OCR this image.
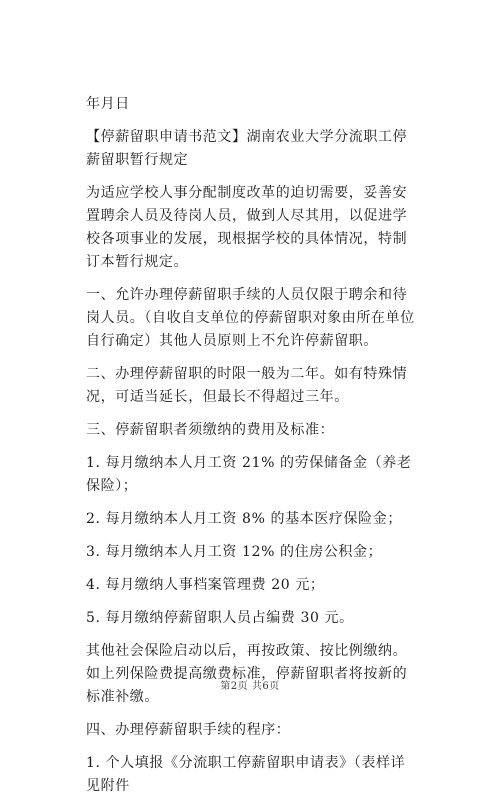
年月日

【停薪留职申请书范文】湖南农业大学分流职工停薪留职暂行规定

为适应学校人事分配制度改革的迫切需要，妥善安置聘余人员及待岗人员，做到人尽其用，以促进学校各项事业的发展，现根据学校的具体情况，特制订本暂行规定。

一、允许办理停薪留职手续的人员仅限于聘余和待岗人员。（自收自支单位的停薪留职对象由所在单位自行确定）其他人员原则上不允许停薪留职。

二、办理停薪留职的时限一般为二年。如有特殊情况，可适当延长，但最长不得超过三年。

三、停薪留职者须缴纳的费用及标准：

1. 每月缴纳本人月工资 21% 的劳保储备金（养老保险）；

2. 每月缴纳本人月工资 8% 的基本医疗保险金；

3. 每月缴纳本人月工资 12% 的住房公积金；

4. 每月缴纳人事档案管理费 20 元；

5. 每月缴纳停薪留职人员占编费 30 元。

其他社会保险启动以后，再按政策、按比例缴纳。如上列保险费提高缴费标准，停薪留职者将按新的标准补缴。

四、办理停薪留职手续的程序：

1. 个人填报《分流职工停薪留职申请表》（表样详见附件

第2页 共6页
